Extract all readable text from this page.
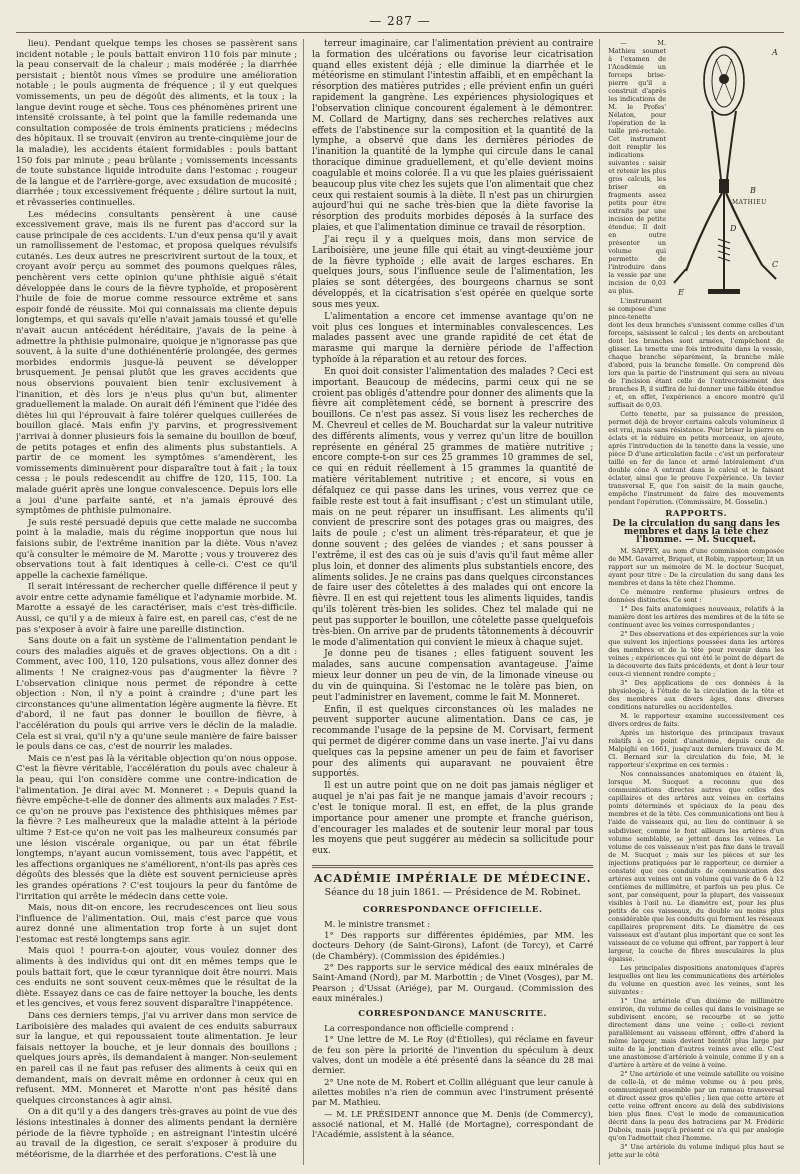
— 287 —

lieu). Pendant quelque temps les choses se passèrent sans incident notable ; le pouls battait environ 110 fois par minute ; la peau conservait de la chaleur ; mais modérée ; la diarrhée persistait ; bientôt nous vîmes se produire une amélioration notable ; le pouls augmenta de fréquence ; il y eut quelques vomissements, un peu de dégoût des aliments, et la toux ; la langue devint rouge et sèche. Tous ces phénomènes prirent une intensité croissante, à tel point que la famille redemanda une consultation composée de trois éminents praticiens ; médecins des hôpitaux. Il se trouvait (environ au trente-cinquième jour de la maladie), les accidents étaient formidables : pouls battant 150 fois par minute ; peau brûlante ; vomissements incessants de toute substance liquide introduite dans l'estomac ; rougeur de la langue et de l'arrière-gorge, avec exsudation de mucosité ; diarrhée ; toux excessivement fréquente ; délire surtout la nuit, et rêvasseries continuelles.

Les médecins consultants pensèrent à une cause excessivement grave, mais ils ne furent pas d'accord sur la cause principale de ces accidents. L'un d'eux pensa qu'il y avait un ramollissement de l'estomac, et proposa quelques révulsifs cutanés. Les deux autres ne prescrivirent surtout de la toux, et croyant avoir perçu au sommet des poumons quelques râles, penchèrent vers cette opinion qu'une phthisie aiguë s'était développée dans le cours de la fièvre typhoïde, et proposèrent l'huile de foie de morue comme ressource extrême et sans espoir fondé de réussite. Moi qui connaissais ma cliente depuis longtemps, et qui savais qu'elle n'avait jamais toussé et qu'elle n'avait aucun antécédent héréditaire, j'avais de la peine à admettre la phthisie pulmonaire, quoique je n'ignorasse pas que souvent, à la suite d'une dothiénentérie prolongée, des germes morbides endormis jusque-là peuvent se développer brusquement. Je pensai plutôt que les graves accidents que nous observions pouvaient bien tenir exclusivement à l'inanition, et dès lors je n'eus plus qu'un but, alimenter graduellement la malade. On aurait défi l'éminent que l'idée des diètes lui qui l'éprouvait à faire tolérer quelques cuillerées de bouillon glacé. Mais enfin j'y parvins, et progressivement j'arrivai à donner plusieurs fois la semaine du bouillon de bœuf, de petits potages et enfin des aliments plus substantiels. A partir de ce moment les symptômes s'amendèrent, les vomissements diminuèrent pour disparaître tout à fait ; la toux cessa ; le pouls redescendit au chiffre de 120, 115, 100. La malade guérit après une longue convalescence. Depuis lors elle a joui d'une parfaite santé, et n'a jamais éprouvé des symptômes de phthisie pulmonaire.

Je suis resté persuadé depuis que cette malade ne succomba point à la maladie, mais du régime inopportun que nous lui faisions subir, de l'extrême inanition par la diète. Vous n'avez qu'à consulter le mémoire de M. Marotte ; vous y trouverez des observations tout à fait identiques à celle-ci. C'est ce qu'il appelle la cachexie famélique.

Il serait intéressant de rechercher quelle différence il peut y avoir entre cette adynamie famélique et l'adynamie morbide. M. Marotte a essayé de les caractériser, mais c'est très-difficile. Aussi, ce qu'il y a de mieux à faire est, en pareil cas, c'est de ne pas s'exposer à avoir à faire une pareille distinction.

Sans doute on a fait un système de l'alimentation pendant le cours des maladies aiguës et de graves objections. On a dit : Comment, avec 100, 110, 120 pulsations, vous allez donner des aliments ! Ne craignez-vous pas d'augmenter la fièvre ? L'observation clinique nous permet de répondre à cette objection : Non, il n'y a point à craindre ; d'une part les circonstances qu'une alimentation légère augmente la fièvre. Et d'abord, il ne faut pas donner le bouillon de fièvre, à l'accélération du pouls qui arrive vers le déclin de la maladie. Cela est si vrai, qu'il n'y a qu'une seule manière de faire baisser le pouls dans ce cas, c'est de nourrir les malades.

Mais ce n'est pas là la véritable objection qu'on nous oppose. C'est la fièvre véritable, l'accélération du pouls avec chaleur à la peau, qui l'on considère comme une contre-indication de l'alimentation. Je dirai avec M. Monneret : « Depuis quand la fièvre empêche-t-elle de donner des aliments aux malades ? Est-ce qu'on ne prouve pas l'existence des phthisiques mêmes par la fièvre ? Les malheureux que la maladie atteint à la période ultime ? Est-ce qu'on ne voit pas les malheureux consumés par une lésion viscérale organique, ou par un état fébrile longtemps, n'ayant aucun vomissement, tous avec l'appétit, et les affections organiques ne s'améliorent, n'ont-ils pas après ces dégoûts des blessés que la diète est souvent pernicieuse après les grandes opérations ? C'est toujours la peur du fantôme de l'irritation qui arrête le médecin dans cette voie.

Mais, nous dit-on encore, les recrudescences ont lieu sous l'influence de l'alimentation. Oui, mais c'est parce que vous aurez donné une alimentation trop forte à un sujet dont l'estomac est resté longtemps sans agir.

Mais quoi ! pourra-t-on ajouter, vous voulez donner des aliments à des individus qui ont dit en mêmes temps que le pouls battait fort, que le cœur tyrannique doit être nourri. Mais ces enduits ne sont souvent ceux-mêmes que le résultat de la diète. Essayez dans ce cas de faire nettoyer la bouche, les dents et les gencives, et vous ferez souvent disparaître l'inappétence.

Dans ces derniers temps, j'ai vu arriver dans mon service de Lariboisière des malades qui avaient de ces enduits saburraux sur la langue, et qui repoussaient toute alimentation. Je leur faisais nettoyer la bouche, et je leur donnais des bouillons ; quelques jours après, ils demandaient à manger. Non-seulement en pareil cas il ne faut pas refuser des aliments à ceux qui en demandent, mais on devrait même en ordonner à ceux qui en refusent. MM. Monneret et Marotte n'ont pas hésité dans quelques circonstances à agir ainsi.

On a dit qu'il y a des dangers très-graves au point de vue des lésions intestinales à donner des aliments pendant la dernière période de la fièvre typhoïde ; en astreignant l'intestin ulcéré au travail de la digestion, ce serait s'exposer à produire du météorisme, de la diarrhée et des perforations. C'est là une

terreur imaginaire, car l'alimentation prévient au contraire la formation des ulcérations ou favorise leur cicatrisation quand elles existent déjà ; elle diminue la diarrhée et le météorisme en stimulant l'intestin affaibli, et en empêchant la résorption des matières putrides ; elle prévient enfin un guéri rapidement la gangrène. Les expériences physiologiques et l'observation clinique concourent également à le démontrer. M. Collard de Martigny, dans ses recherches relatives aux effets de l'abstinence sur la composition et la quantité de la lymphe, a observé que dans les dernières périodes de l'inanition la quantité de la lymphe qui circule dans le canal thoracique diminue graduellement, et qu'elle devient moins coagulable et moins colorée. Il a vu que les plaies guérissaient beaucoup plus vite chez les sujets que l'on alimentait que chez ceux qui restaient soumis à la diète. Il n'est pas un chirurgien aujourd'hui qui ne sache très-bien que la diète favorise la résorption des produits morbides déposés à la surface des plaies, et que l'alimentation diminue ce travail de résorption.

J'ai reçu il y a quelques mois, dans mon service de Lariboisière, une jeune fille qui était au vingt-deuxième jour de la fièvre typhoïde ; elle avait de larges eschares. En quelques jours, sous l'influence seule de l'alimentation, les plaies se sont détergées, des bourgeons charnus se sont développés, et la cicatrisation s'est opérée en quelque sorte sous mes yeux.

L'alimentation a encore cet immense avantage qu'on ne voit plus ces longues et interminables convalescences. Les malades passent avec une grande rapidité de cet état de marasme qui marque la dernière période de l'affection typhoïde à la réparation et au retour des forces.

En quoi doit consister l'alimentation des malades ? Ceci est important. Beaucoup de médecins, parmi ceux qui ne se croient pas obligés d'attendre pour donner des aliments que la fièvre ait complètement cédé, se bornent à prescrire des bouillons. Ce n'est pas assez. Si vous lisez les recherches de M. Chevreul et celles de M. Bouchardat sur la valeur nutritive des différents aliments, vous y verrez qu'un litre de bouillon représente en général 25 grammes de matière nutritive ; encore compte-t-on sur ces 25 grammes 10 grammes de sel, ce qui en réduit réellement à 15 grammes la quantité de matière véritablement nutritive ; et encore, si vous en défalquez ce qui passe dans les urines, vous verrez que ce faible reste est tout à fait insuffisant ; c'est un stimulant utile, mais on ne peut réparer un insuffisant. Les aliments qu'il convient de prescrire sont des potages gras ou maigres, des laits de poule ; c'est un aliment très-réparateur, et que je donne souvent ; des gelées de viandes ; et sans pousser à l'extrême, il est des cas où je suis d'avis qu'il faut même aller plus loin, et donner des aliments plus substantiels encore, des aliments solides. Je ne crains pas dans quelques circonstances de faire user des côtelettes à des malades qui ont encore la fièvre. Il en est qui rejettent tous les aliments liquides, tandis qu'ils tolèrent très-bien les solides. Chez tel malade qui ne peut pas supporter le bouillon, une côtelette passe quelquefois très-bien. On arrive par de prudents tâtonnements à découvrir le mode d'alimentation qui convient le mieux à chaque sujet.

Je donne peu de tisanes ; elles fatiguent souvent les malades, sans aucune compensation avantageuse. J'aime mieux leur donner un peu de vin, de la limonade vineuse ou du vin de quinquina. Si l'estomac ne le tolère pas bien, on peut l'administrer en lavement, comme le fait M. Monneret.

Enfin, il est quelques circonstances où les malades ne peuvent supporter aucune alimentation. Dans ce cas, je recommande l'usage de la pepsine de M. Corvisart, ferment qui permet de digérer comme dans un vase inerte. J'ai vu dans quelques cas la pepsine amener un peu de faim et favoriser pour des aliments qui auparavant ne pouvaient être supportés.

Il est un autre point que on ne doit pas jamais négliger et auquel je n'ai pas fait je ne manque jamais d'avoir recours ; c'est le tonique moral. Il est, en effet, de la plus grande importance pour amener une prompte et franche guérison, d'encourager les malades et de soutenir leur moral par tous les moyens que peut suggérer au médecin sa sollicitude pour eux.

ACADÉMIE IMPÉRIALE DE MÉDECINE.
Séance du 18 juin 1861. — Présidence de M. Robinet.
CORRESPONDANCE OFFICIELLE.

M. le ministre transmet :

1° Des rapports sur différentes épidémies, par MM. les docteurs Dehory (de Saint-Girons), Lafont (de Torcy), et Carré (de Chambéry). (Commission des épidémies.)

2° Des rapports sur le service médical des eaux minérales de Saint-Amand (Nord), par M. Marbottin ; de Vinet (Vosges), par M. Pearson ; d'Ussat (Ariége), par M. Ourgaud. (Commission des eaux minérales.)

CORRESPONDANCE MANUSCRITE.

La correspondance non officielle comprend :

1° Une lettre de M. Le Roy (d'Étiolles), qui réclame en faveur de feu son père la priorité de l'invention du spéculum à deux valves, dont un modèle a été présenté dans la séance du 28 mai dernier.

2° Une note de M. Robert et Collin alléguant que leur canule à ailettes mobiles n'a rien de commun avec l'instrument présenté par M. Mathieu.

— M. LE PRÉSIDENT annonce que M. Denis (de Commercy), associé national, et M. Hallé (de Mortagne), correspondant de l'Académie, assistent à la séance.

A
B
C
D
E
MATHIEU

— M. Mathieu soumet à l'examen de l'Académie un forceps brise-pierre qu'il a construit d'après les indications de M. le Profes' Nélaton, pour l'opération de la taille pré-rectale. Cet instrument doit remplir les indications suivantes : saisir et retenir les plus gros calculs, les briser en fragments assez petits pour être extraits par une incision de petite étendue. Il doit en outre présenter un volume qui permette de l'introduire dans la vessie par une incision de 0,03 au plus.

L'instrument se compose d'une pince-tenette dont les deux branches s'unissent comme celles d'un forceps, saisissent le calcul ; les dents en arcboutant dont les branches sont armées, l'empêchent de glisser. La tenette une fois introduite dans la vessie, chaque branche séparément, la branche mâle d'abord, puis la branche femelle. On comprend dès lors que la partie de l'instrument qui sera au niveau de l'incision étant celle de l'entrecroisement des branches B, il suffira de lui donner une faible étendue ; et, en effet, l'expérience a encore montré qu'il suffisait de 0,03.

Cette tenette, par sa puissance de pression, permet déjà de broyer certains calculs volumineux il est vrai, mais sans résistance. Pour briser la pierre en éclats et la réduire en petits morceaux, on ajoute, après l'introduction de la tenette dans la vessie, une pièce D d'une articulation facile : c'est un perforateur taillé en fer de lance et armé latéralement d'un double cône A entrant dans le calcul et le faisant éclater, ainsi que le prouve l'expérience. Un levier transversal E, que l'on saisit de la main gauche, empêche l'instrument de faire des mouvements pendant l'opération. (Commissaire, M. Gosselin.)

RAPPORTS.
De la circulation du sang dans les membres et dans la tête chez l'homme. — M. Sucquet.

M. SAPPEY, au nom d'une commission composée de MM. Gavarret, Briquet, et Robin, rapporteur, lit un rapport sur un mémoire de M. le docteur Sucquet, ayant pour titre : De la circulation du sang dans les membres et dans la tête chez l'homme.

Ce mémoire renferme plusieurs ordres de données distinctes. Ce sont :

1° Des faits anatomiques nouveaux, relatifs à la manière dont les artères des membres et de la tête se continuent avec les veines correspondantes ;

2° Des observations et des expériences sur la voie que suivent les injections poussées dans les artères des membres et de la tête pour revenir dans les veines ; expériences qui ont été le point de départ de la découverte des faits précédents, et dont à leur tour ceux-ci viennent rendre compte ;

3° Des applications de ces données à la physiologie, à l'étude de la circulation de la tête et des membres aux divers âges, dans diverses conditions naturelles ou accidentelles.

M. le rapporteur examine successivement ces divers ordres de faits.

Après un historique des principaux travaux relatifs à ce point d'anatomie, depuis ceux de Malpighi en 1661, jusqu'aux derniers travaux de M. Cl. Bernard sur la circulation du foie, M. le rapporteur s'exprime en ces termes :

Nos connaissances anatomiques en étaient là, lorsque M. Sucquet a reconnu que des communications directes autres que celles des capillaires et des artères aux veines en certains points déterminés et spéciaux de la peau des membres et de la tête. Ces communications ont lieu à l'aide de vaisseaux qui, au lieu de continuer à se subdiviser, comme le font ailleurs les artères d'un volume semblable, se jettent dans les veines. Le volume de ces vaisseaux n'est pas fixe dans le travail de M. Sucquet ; mais sur les pièces et sur les injections pratiquées par le rapporteur, ce dernier a constaté que ces conduits de communication des artères aux veines ont un volume qui varie de 6 à 12 centièmes de millimètre, et parfois un peu plus. Ce sont, par conséquent, pour la plupart, des vaisseaux visibles à l'œil nu. Le diamètre est, pour les plus petits de ces vaisseaux, du double au moins plus considérable que les conduits qui forment les réseaux capillaires proprement dits. Le diamètre de ces vaisseaux est d'autant plus important que ce sont les vaisseaux de ce volume qui offrent, par rapport à leur largeur, la couche de fibres musculaires la plus épaisse.

Les principales dispositions anatomiques d'après lesquelles ont lieu les communications des artérioles du volume en question avec les veines, sont les suivantes :

1° Une artériole d'un dixième de millimètre environ, du volume de celles qui dans le voisinage se subdivisent encore, se recourbe et se jette directement dans une veine ; celle-ci revient parallèlement au vaisseau efférent, offre d'abord la même largeur, mais devient bientôt plus large par suite de la jonction d'autres veines avec elle. C'est une anastomose d'artériole à veinule, comme il y en a d'artère à artère et de veine à veine.

2° Une artériole et une veinule satellite ou voisine de celle-là, et de même volume ou à peu près, communiquent ensemble par un rameau transversal et direct assez gros qu'elles ; lien que cette artère et cette veine offrent encore au delà des subdivisions bien plus fines. C'est le mode de communication décrit dans la peau des batraciens par M. Frédéric Dubois, mais jusqu'à présent ce n'a qui par analogie qu'on l'admettait chez l'homme.

3° Une artériole du volume indiqué plus haut se jette sur le côté
